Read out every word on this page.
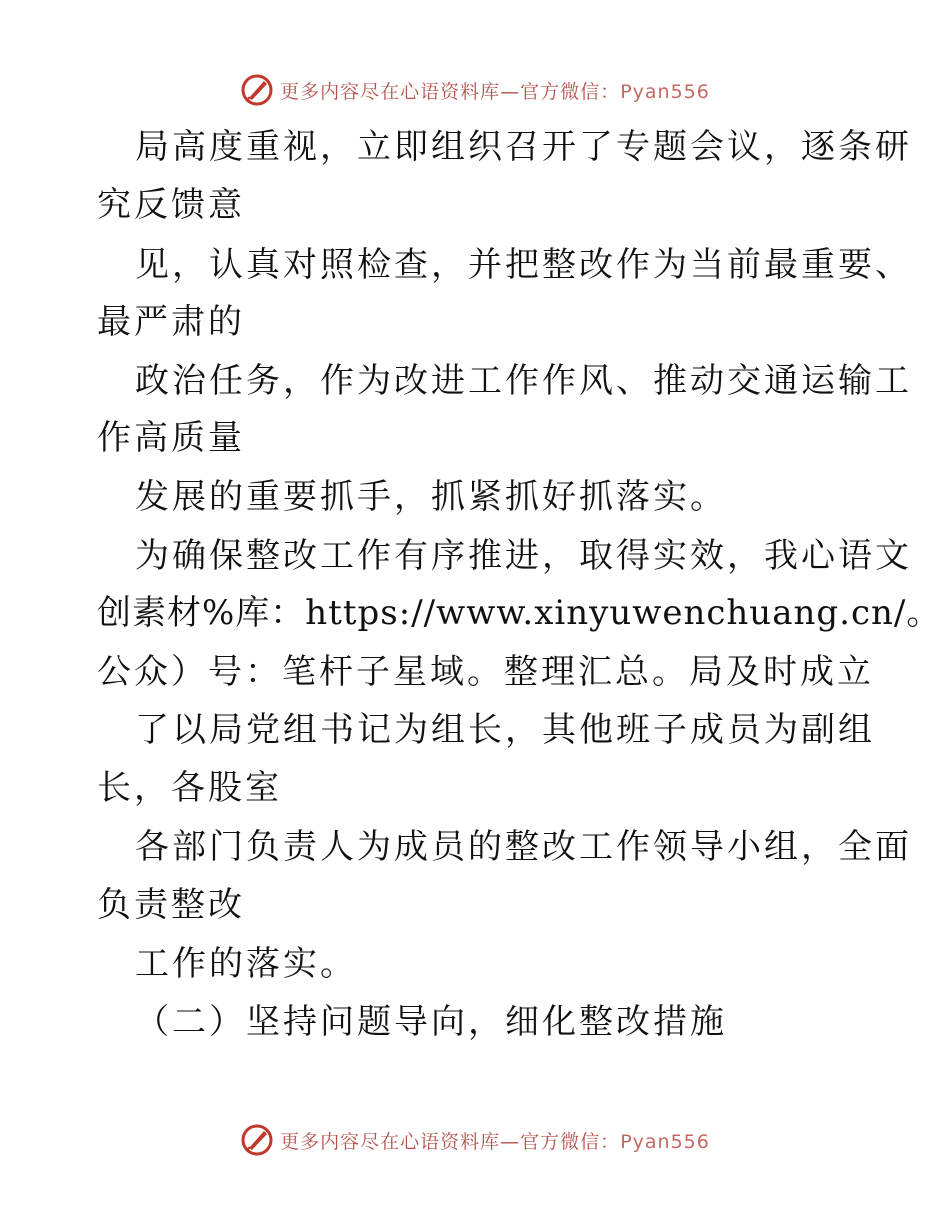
更多内容尽在心语资料库—官方微信：Pyan556
局高度重视，立即组织召开了专题会议，逐条研
究反馈意
见，认真对照检查，并把整改作为当前最重要、
最严肃的
政治任务，作为改进工作作风、推动交通运输工
作高质量
发展的重要抓手，抓紧抓好抓落实。
为确保整改工作有序推进，取得实效，我心语文
创素材%库：https://www.xinyuwenchuang.cn/。
公众）号：笔杆子星域。整理汇总。局及时成立
了以局党组书记为组长，其他班子成员为副组
长，各股室
各部门负责人为成员的整改工作领导小组，全面
负责整改
工作的落实。
（二）坚持问题导向，细化整改措施
更多内容尽在心语资料库—官方微信：Pyan556
